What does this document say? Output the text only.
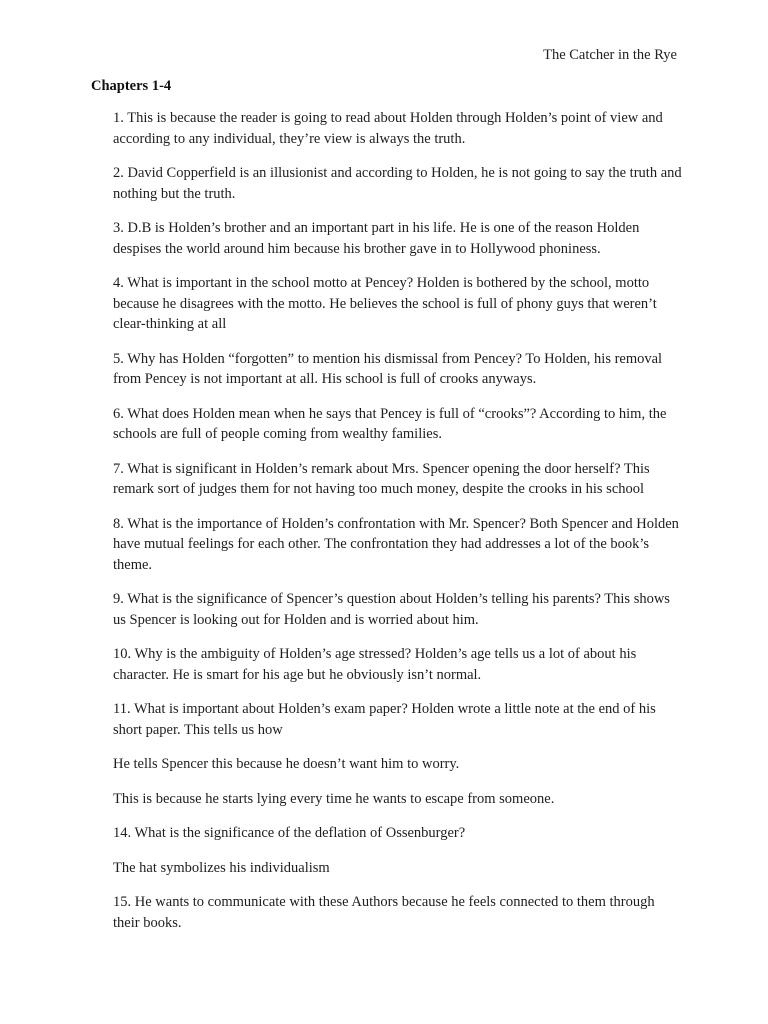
The Catcher in the Rye
Chapters 1-4

1. This is because the reader is going to read about Holden through Holden’s point of view and according to any individual, they’re view is always the truth.

2. David Copperfield is an illusionist and according to Holden, he is not going to say the truth and nothing but the truth.

3. D.B is Holden’s brother and an important part in his life. He is one of the reason Holden despises the world around him because his brother gave in to Hollywood phoniness.

4. What is important in the school motto at Pencey? Holden is bothered by the school, motto because he disagrees with the motto. He believes the school is full of phony guys that weren’t clear-thinking at all

5. Why has Holden “forgotten” to mention his dismissal from Pencey? To Holden, his removal from Pencey is not important at all. His school is full of crooks anyways.

6. What does Holden mean when he says that Pencey is full of “crooks”? According to him, the schools are full of people coming from wealthy families.

7. What is significant in Holden’s remark about Mrs. Spencer opening the door herself? This remark sort of judges them for not having too much money, despite the crooks in his school

8. What is the importance of Holden’s confrontation with Mr. Spencer? Both Spencer and Holden have mutual feelings for each other. The confrontation they had addresses a lot of the book’s theme.

9. What is the significance of Spencer’s question about Holden’s telling his parents? This shows us Spencer is looking out for Holden and is worried about him.

10. Why is the ambiguity of Holden’s age stressed? Holden’s age tells us a lot of about his character. He is smart for his age but he obviously isn’t normal.

11. What is important about Holden’s exam paper? Holden wrote a little note at the end of his short paper. This tells us how

He tells Spencer this because he doesn’t want him to worry.

This is because he starts lying every time he wants to escape from someone.

14. What is the significance of the deflation of Ossenburger?

The hat symbolizes his individualism

15. He wants to communicate with these Authors because he feels connected to them through their books.
